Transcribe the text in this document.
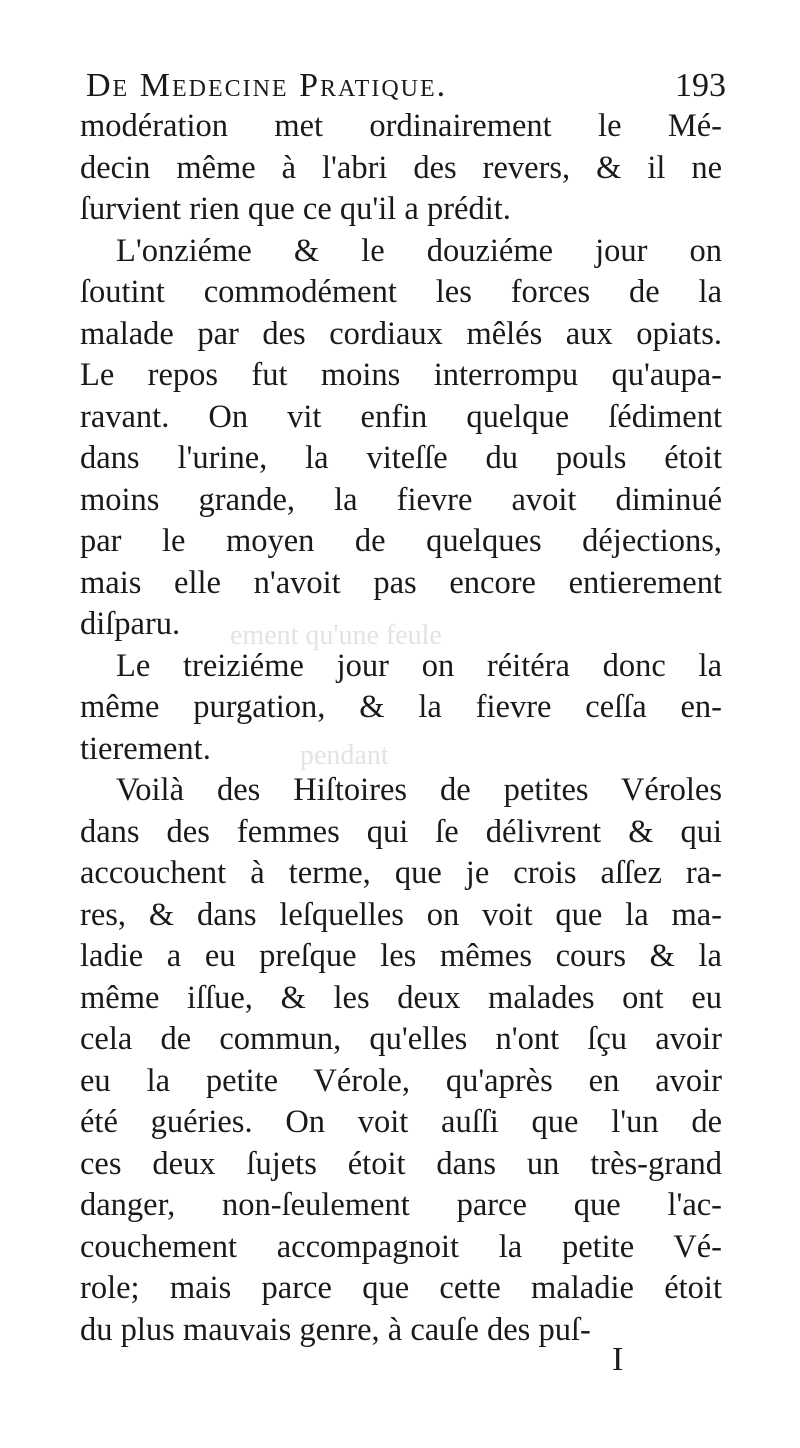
ement qu'une feule
pendant
De Medecine Pratique.	193
modération met ordinairement le Mé-
decin même à l'abri des revers, & il ne
ſurvient rien que ce qu'il a prédit.
L'onziéme & le douziéme jour on
ſoutint commodément les forces de la
malade par des cordiaux mêlés aux opiats.
Le repos fut moins interrompu qu'aupa-
ravant. On vit enfin quelque ſédiment
dans l'urine, la viteſſe du pouls étoit
moins grande, la fievre avoit diminué
par le moyen de quelques déjections,
mais elle n'avoit pas encore entierement
diſparu.
Le treiziéme jour on réitéra donc la
même purgation, & la fievre ceſſa en-
tierement.
Voilà des Hiſtoires de petites Véroles
dans des femmes qui ſe délivrent & qui
accouchent à terme, que je crois aſſez ra-
res, & dans leſquelles on voit que la ma-
ladie a eu preſque les mêmes cours & la
même iſſue, & les deux malades ont eu
cela de commun, qu'elles n'ont ſçu avoir
eu la petite Vérole, qu'après en avoir
été guéries. On voit auſſi que l'un de
ces deux ſujets étoit dans un très-grand
danger, non-ſeulement parce que l'ac-
couchement accompagnoit la petite Vé-
role; mais parce que cette maladie étoit
du plus mauvais genre, à cauſe des puſ-
I
